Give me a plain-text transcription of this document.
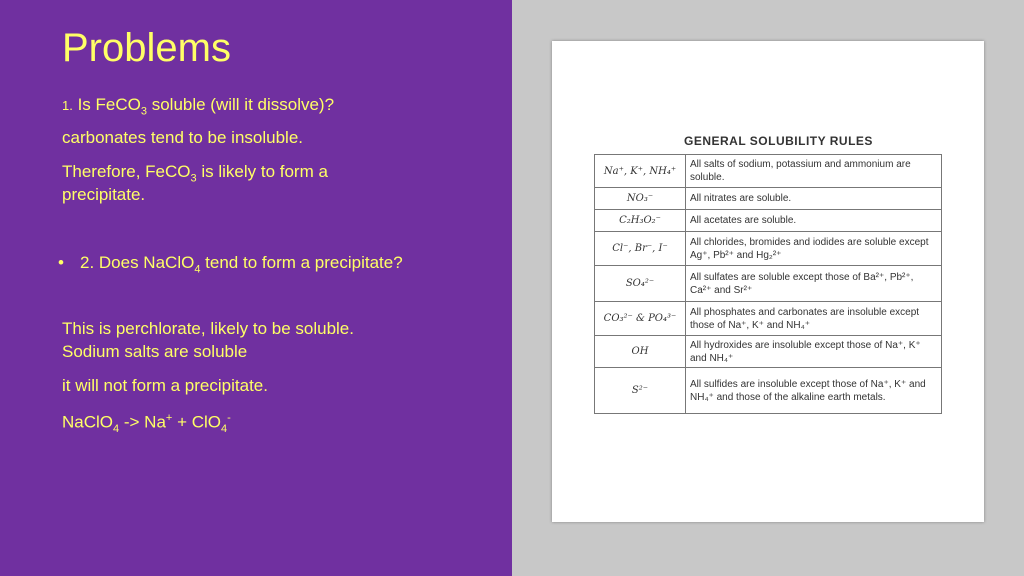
Problems
1. Is FeCO$_3$ soluble (will it dissolve)?
carbonates tend to be insoluble.
Therefore, FeCO$_3$ is likely to form a
precipitate.
• 2. Does NaClO$_4$ tend to form a precipitate?
This is perchlorate, likely to be soluble.
Sodium salts are soluble
it will not form a precipitate.
NaClO$_4$ -> Na+ + ClO$_4$-
GENERAL SOLUBILITY RULES
Na⁺, K⁺, NH₄⁺	All salts of sodium, potassium and ammonium are soluble.
NO₃⁻	All nitrates are soluble.
C₂H₃O₂⁻	All acetates are soluble.
Cl⁻, Br⁻, I⁻	All chlorides, bromides and iodides are soluble except Ag⁺, Pb²⁺ and Hg₂²⁺
SO₄²⁻	All sulfates are soluble except those of Ba²⁺, Pb²⁺, Ca²⁺ and Sr²⁺
CO₃²⁻ & PO₄³⁻	All phosphates and carbonates are insoluble except those of Na⁺, K⁺ and NH₄⁺
OH	All hydroxides are insoluble except those of Na⁺, K⁺ and NH₄⁺
S²⁻	All sulfides are insoluble except those of Na⁺, K⁺ and NH₄⁺ and those of the alkaline earth metals.
